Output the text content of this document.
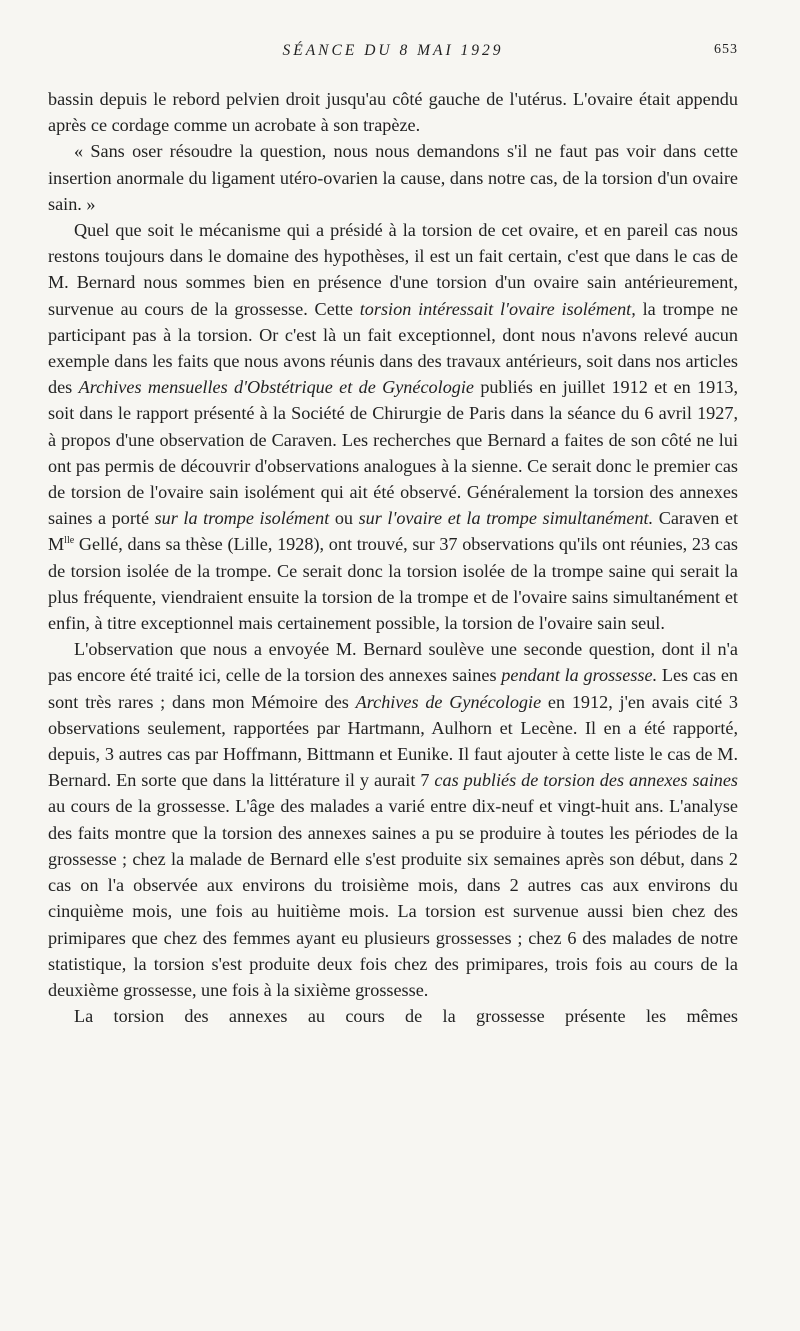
SÉANCE DU 8 MAI 1929	653

bassin depuis le rebord pelvien droit jusqu'au côté gauche de l'utérus. L'ovaire était appendu après ce cordage comme un acrobate à son trapèze.

« Sans oser résoudre la question, nous nous demandons s'il ne faut pas voir dans cette insertion anormale du ligament utéro-ovarien la cause, dans notre cas, de la torsion d'un ovaire sain. »

Quel que soit le mécanisme qui a présidé à la torsion de cet ovaire, et en pareil cas nous restons toujours dans le domaine des hypothèses, il est un fait certain, c'est que dans le cas de M. Bernard nous sommes bien en présence d'une torsion d'un ovaire sain antérieurement, survenue au cours de la grossesse. Cette torsion intéressait l'ovaire isolément, la trompe ne participant pas à la torsion. Or c'est là un fait exceptionnel, dont nous n'avons relevé aucun exemple dans les faits que nous avons réunis dans des travaux antérieurs, soit dans nos articles des Archives mensuelles d'Obstétrique et de Gynécologie publiés en juillet 1912 et en 1913, soit dans le rapport présenté à la Société de Chirurgie de Paris dans la séance du 6 avril 1927, à propos d'une observation de Caraven. Les recherches que Bernard a faites de son côté ne lui ont pas permis de découvrir d'observations analogues à la sienne. Ce serait donc le premier cas de torsion de l'ovaire sain isolément qui ait été observé. Généralement la torsion des annexes saines a porté sur la trompe isolément ou sur l'ovaire et la trompe simultanément. Caraven et $M^{lle}$ Gellé, dans sa thèse (Lille, 1928), ont trouvé, sur 37 observations qu'ils ont réunies, 23 cas de torsion isolée de la trompe. Ce serait donc la torsion isolée de la trompe saine qui serait la plus fréquente, viendraient ensuite la torsion de la trompe et de l'ovaire sains simultanément et enfin, à titre exceptionnel mais certainement possible, la torsion de l'ovaire sain seul.

L'observation que nous a envoyée M. Bernard soulève une seconde question, dont il n'a pas encore été traité ici, celle de la torsion des annexes saines pendant la grossesse. Les cas en sont très rares ; dans mon Mémoire des Archives de Gynécologie en 1912, j'en avais cité 3 observations seulement, rapportées par Hartmann, Aulhorn et Lecène. Il en a été rapporté, depuis, 3 autres cas par Hoffmann, Bittmann et Eunike. Il faut ajouter à cette liste le cas de M. Bernard. En sorte que dans la littérature il y aurait 7 cas publiés de torsion des annexes saines au cours de la grossesse. L'âge des malades a varié entre dix-neuf et vingt-huit ans. L'analyse des faits montre que la torsion des annexes saines a pu se produire à toutes les périodes de la grossesse ; chez la malade de Bernard elle s'est produite six semaines après son début, dans 2 cas on l'a observée aux environs du troisième mois, dans 2 autres cas aux environs du cinquième mois, une fois au huitième mois. La torsion est survenue aussi bien chez des primipares que chez des femmes ayant eu plusieurs grossesses ; chez 6 des malades de notre statistique, la torsion s'est produite deux fois chez des primipares, trois fois au cours de la deuxième grossesse, une fois à la sixième grossesse.

La torsion des annexes au cours de la grossesse présente les mêmes
